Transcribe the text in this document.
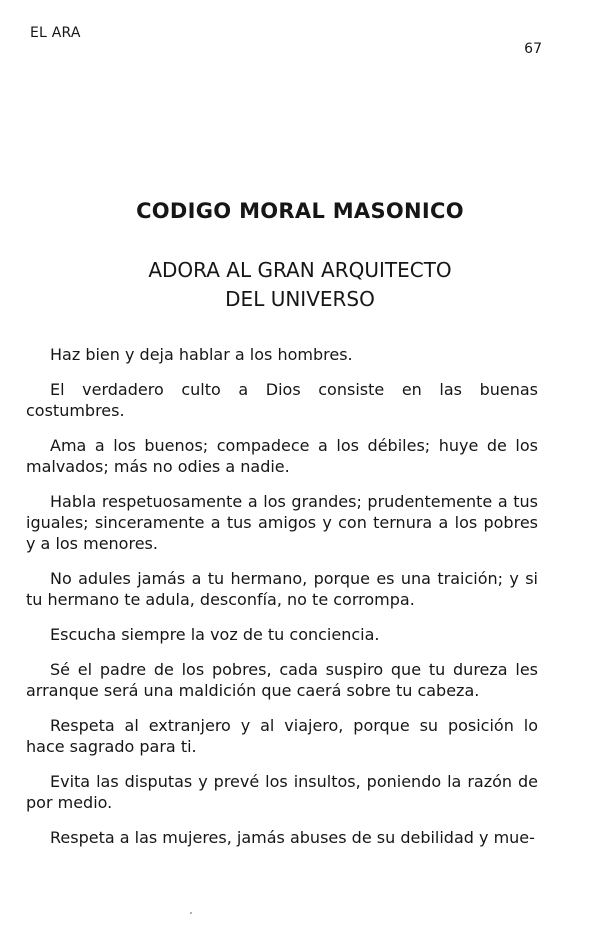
EL ARA
67
CODIGO MORAL MASONICO
ADORA AL GRAN ARQUITECTO
DEL UNIVERSO

Haz bien y deja hablar a los hombres.

El verdadero culto a Dios consiste en las buenas costumbres.

Ama a los buenos; compadece a los débiles; huye de los malvados; más no odies a nadie.

Habla respetuosamente a los grandes; prudentemente a tus iguales; sinceramente a tus amigos y con ternura a los pobres y a los menores.

No adules jamás a tu hermano, porque es una traición; y si tu hermano te adula, desconfía, no te corrompa.

Escucha siempre la voz de tu conciencia.

Sé el padre de los pobres, cada suspiro que tu dureza les arranque será una maldición que caerá sobre tu cabeza.

Respeta al extranjero y al viajero, porque su posición lo hace sagrado para ti.

Evita las disputas y prevé los insultos, poniendo la razón de por medio.

Respeta a las mujeres, jamás abuses de su debilidad y mue-
